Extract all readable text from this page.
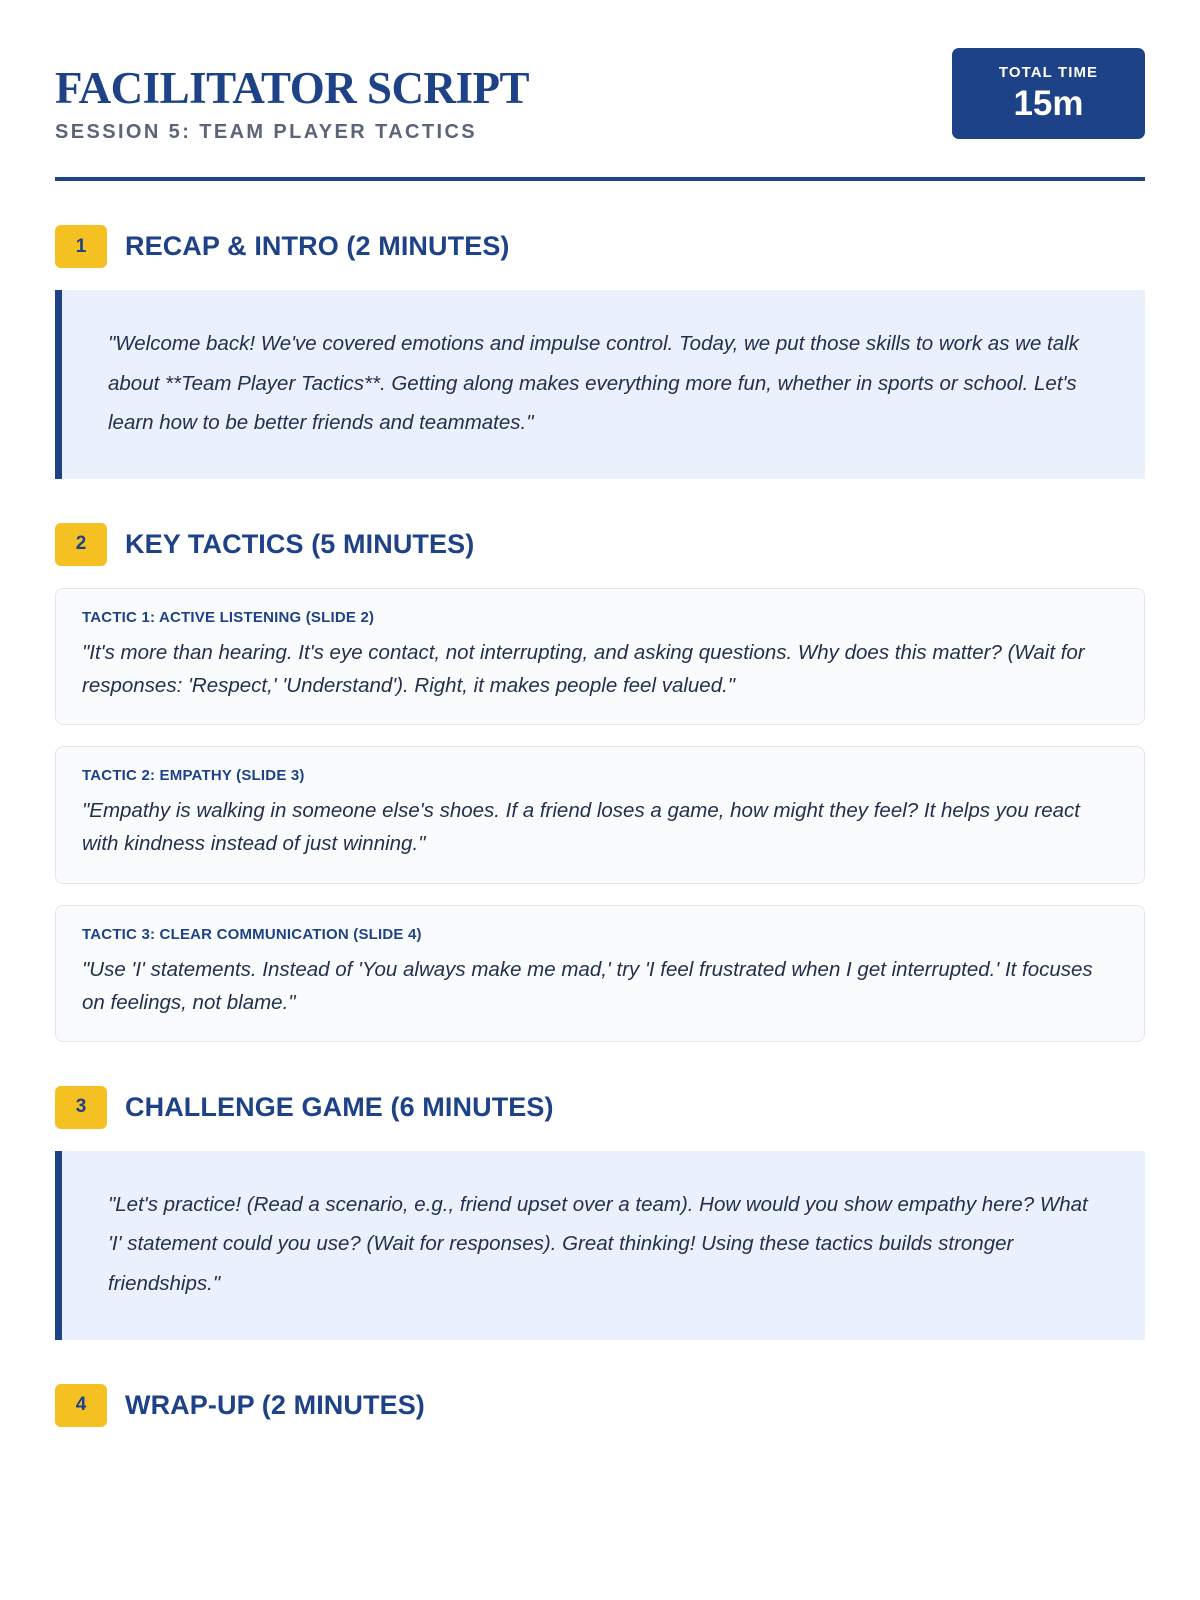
FACILITATOR SCRIPT

SESSION 5: TEAM PLAYER TACTICS

TOTAL TIME
15m
1	RECAP & INTRO (2 MINUTES)

"Welcome back! We've covered emotions and impulse control. Today, we put those skills to work as we talk about **Team Player Tactics**. Getting along makes everything more fun, whether in sports or school. Let's learn how to be better friends and teammates."

2	KEY TACTICS (5 MINUTES)
TACTIC 1: ACTIVE LISTENING (SLIDE 2)

"It's more than hearing. It's eye contact, not interrupting, and asking questions. Why does this matter? (Wait for responses: 'Respect,' 'Understand'). Right, it makes people feel valued."

TACTIC 2: EMPATHY (SLIDE 3)

"Empathy is walking in someone else's shoes. If a friend loses a game, how might they feel? It helps you react with kindness instead of just winning."

TACTIC 3: CLEAR COMMUNICATION (SLIDE 4)

"Use 'I' statements. Instead of 'You always make me mad,' try 'I feel frustrated when I get interrupted.' It focuses on feelings, not blame."

3	CHALLENGE GAME (6 MINUTES)

"Let's practice! (Read a scenario, e.g., friend upset over a team). How would you show empathy here? What 'I' statement could you use? (Wait for responses). Great thinking! Using these tactics builds stronger friendships."

4	WRAP-UP (2 MINUTES)
